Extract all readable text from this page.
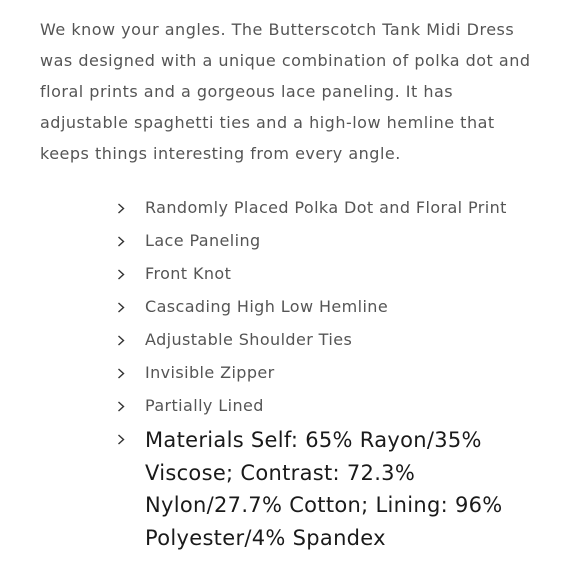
We know your angles. The Butterscotch Tank Midi Dress was designed with a unique combination of polka dot and floral prints and a gorgeous lace paneling. It has adjustable spaghetti ties and a high-low hemline that keeps things interesting from every angle.

Randomly Placed Polka Dot and Floral Print
Lace Paneling
Front Knot
Cascading High Low Hemline
Adjustable Shoulder Ties
Invisible Zipper
Partially Lined
Materials Self: 65% Rayon/35% Viscose; Contrast: 72.3% Nylon/27.7% Cotton; Lining: 96% Polyester/4% Spandex
